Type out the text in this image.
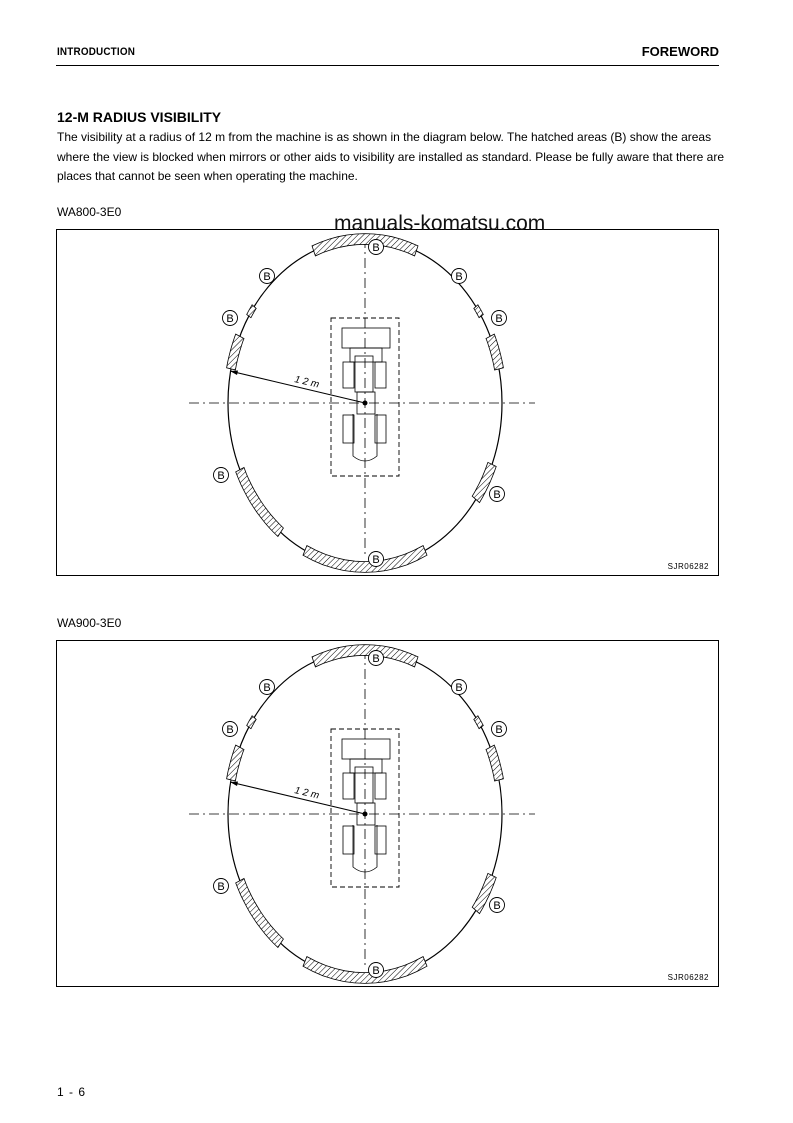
INTRODUCTION	FOREWORD
12-M RADIUS VISIBILITY
The visibility at a radius of 12 m from the machine is as shown in the diagram below. The hatched areas (B) show the areas where the view is blocked when mirrors or other aids to visibility are installed as standard. Please be fully aware that there are places that cannot be seen when operating the machine.
WA800-3E0
B
B	B
B	B
B
B
B
1 2 m
SJR06282
WA900-3E0
B
B	B
B	B
B
B
B
1 2 m
SJR06282
manuals-komatsu.com
1 - 6
